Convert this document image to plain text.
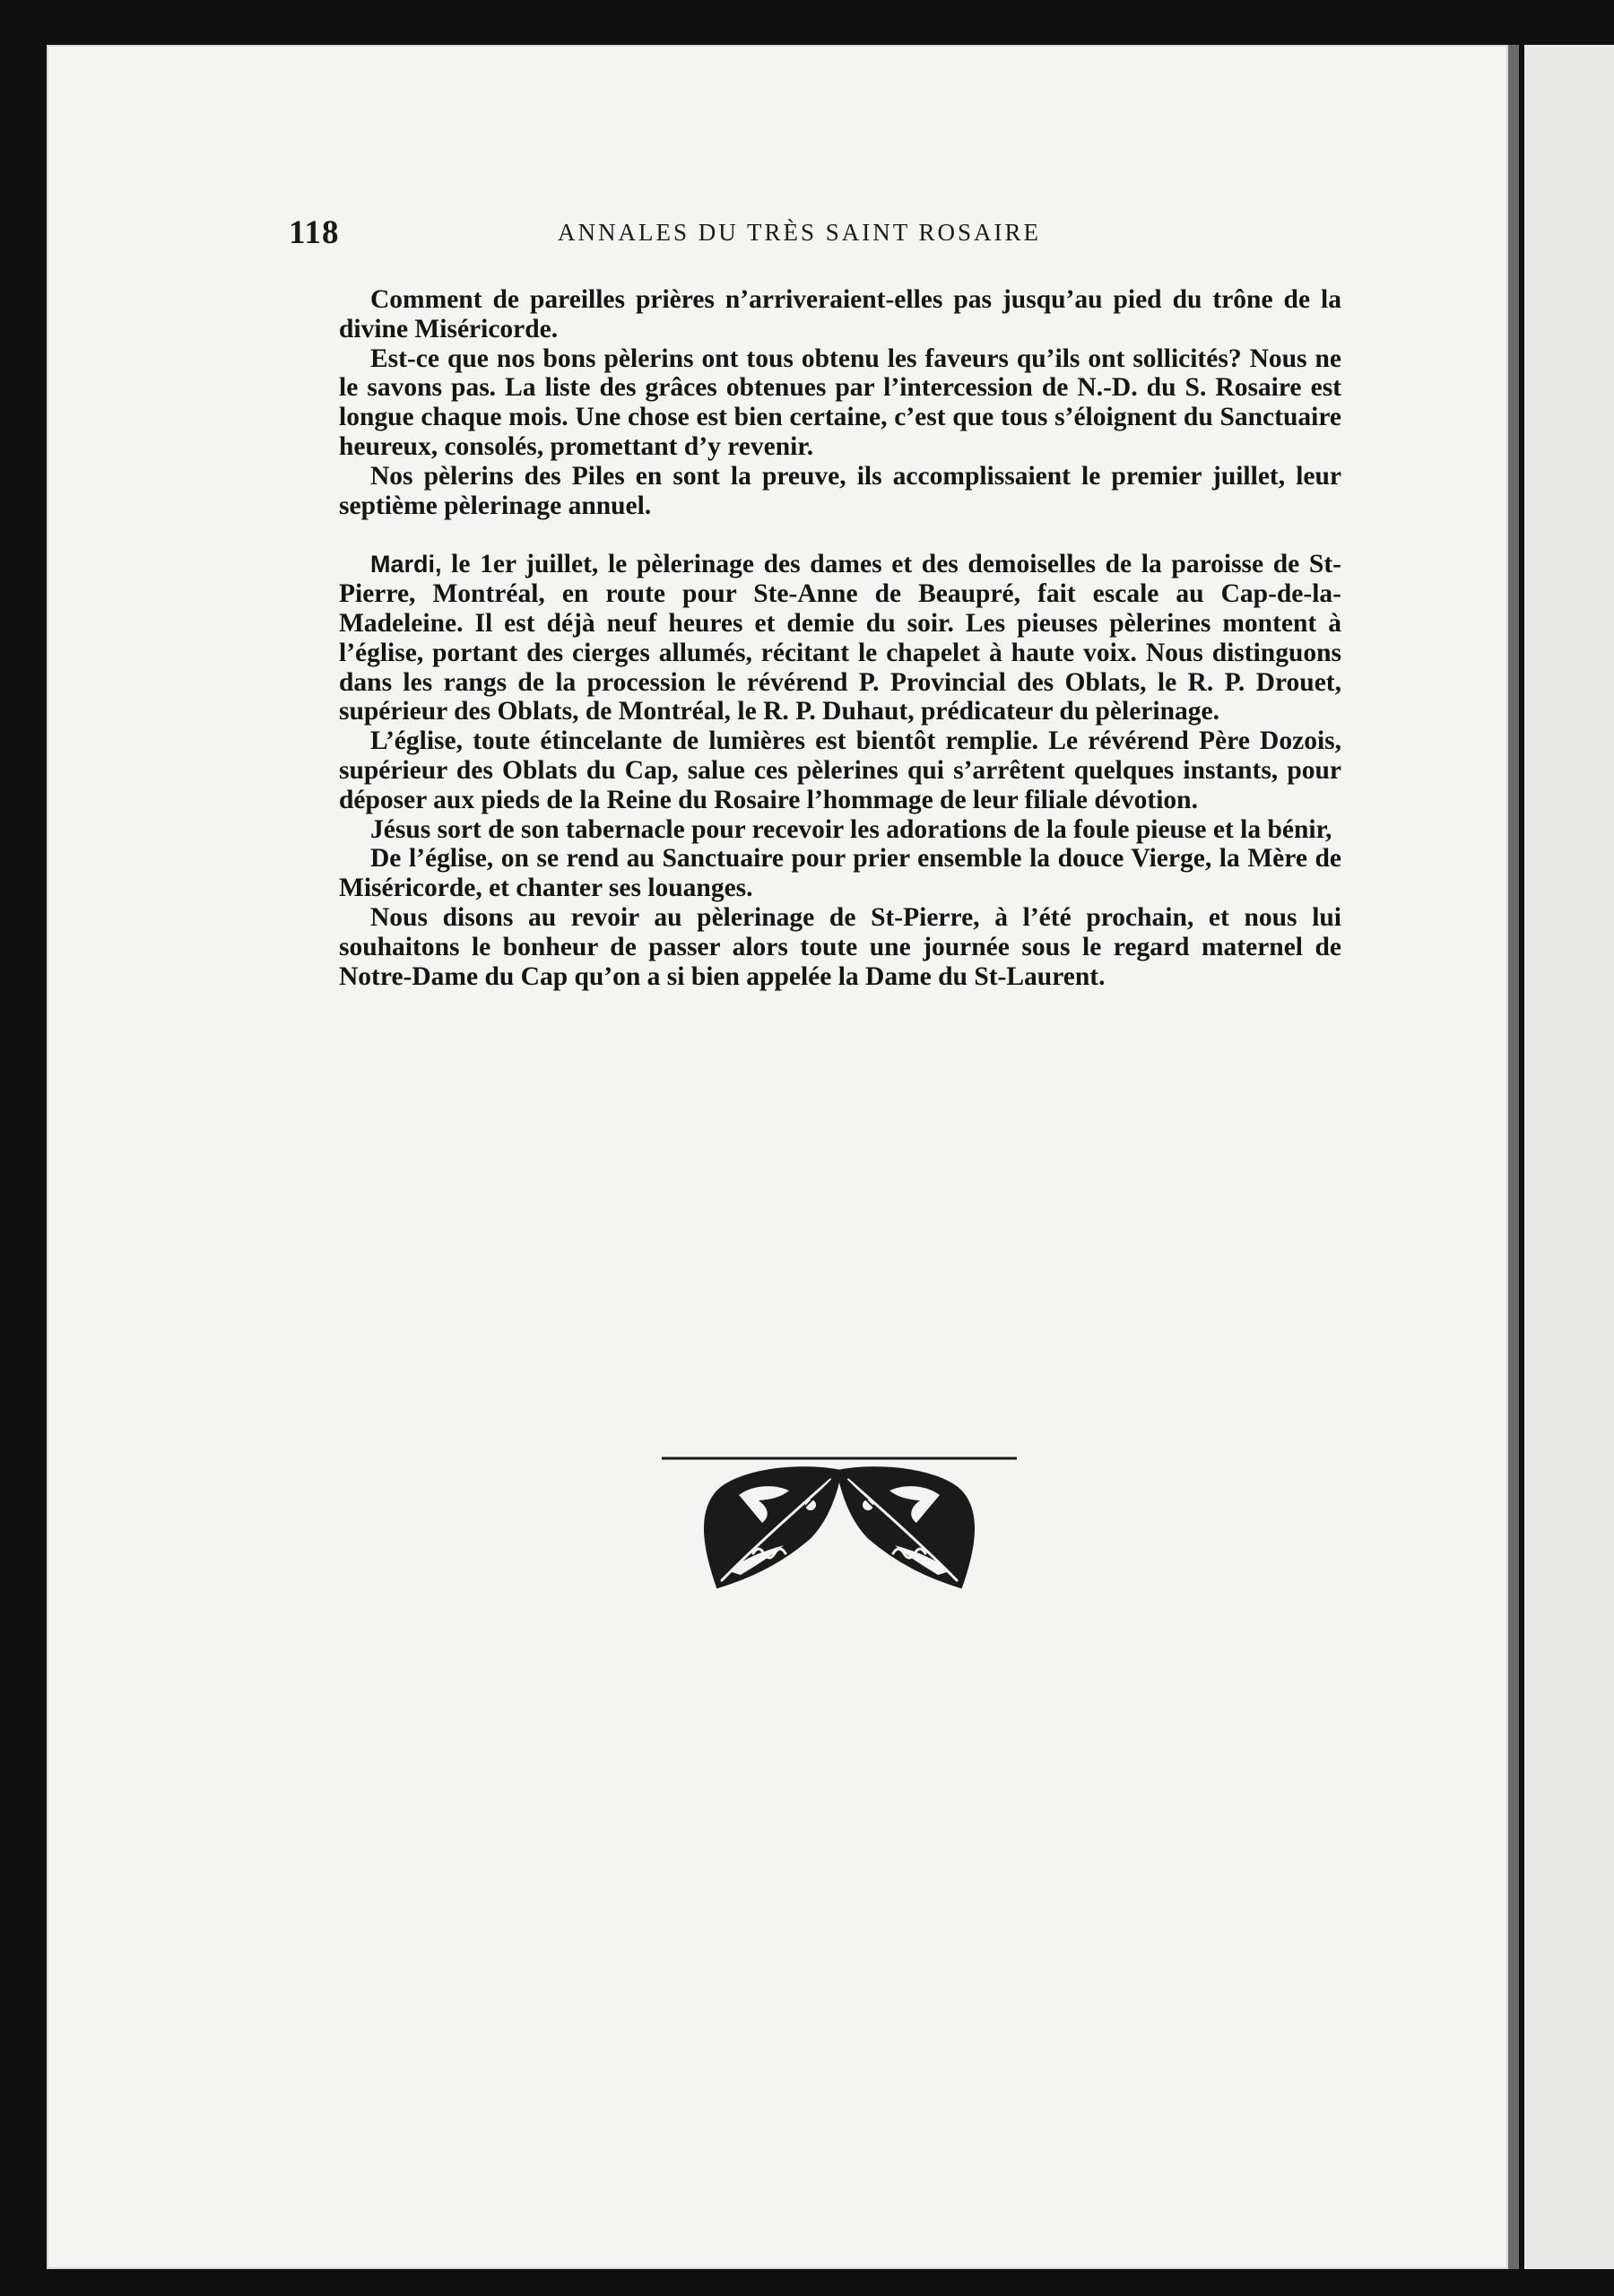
118	ANNALES DU TRÈS SAINT ROSAIRE

Comment de pareilles prières n’arriveraient-elles pas jusqu’au pied du trône de la divine Miséricorde.

Est-ce que nos bons pèlerins ont tous obtenu les faveurs qu’ils ont sollicités? Nous ne le savons pas. La liste des grâces obtenues par l’intercession de N.-D. du S. Rosaire est longue chaque mois. Une chose est bien certaine, c’est que tous s’éloignent du Sanctuaire heureux, consolés, promettant d’y revenir.

Nos pèlerins des Piles en sont la preuve, ils accomplissaient le premier juillet, leur septième pèlerinage annuel.

Mardi, le 1er juillet, le pèlerinage des dames et des demoiselles de la paroisse de St-Pierre, Montréal, en route pour Ste-Anne de Beaupré, fait escale au Cap-de-la-Madeleine. Il est déjà neuf heures et demie du soir. Les pieuses pèlerines montent à l’église, portant des cierges allumés, récitant le chapelet à haute voix. Nous distinguons dans les rangs de la procession le révérend P. Provincial des Oblats, le R. P. Drouet, supérieur des Oblats, de Montréal, le R. P. Duhaut, prédicateur du pèlerinage.

L’église, toute étincelante de lumières est bientôt remplie. Le révérend Père Dozois, supérieur des Oblats du Cap, salue ces pèlerines qui s’arrêtent quelques instants, pour déposer aux pieds de la Reine du Rosaire l’hommage de leur filiale dévotion.

Jésus sort de son tabernacle pour recevoir les adorations de la foule pieuse et la bénir,

De l’église, on se rend au Sanctuaire pour prier ensemble la douce Vierge, la Mère de Miséricorde, et chanter ses louanges.

Nous disons au revoir au pèlerinage de St-Pierre, à l’été prochain, et nous lui souhaitons le bonheur de passer alors toute une journée sous le regard maternel de Notre-Dame du Cap qu’on a si bien appelée la Dame du St-Laurent.
